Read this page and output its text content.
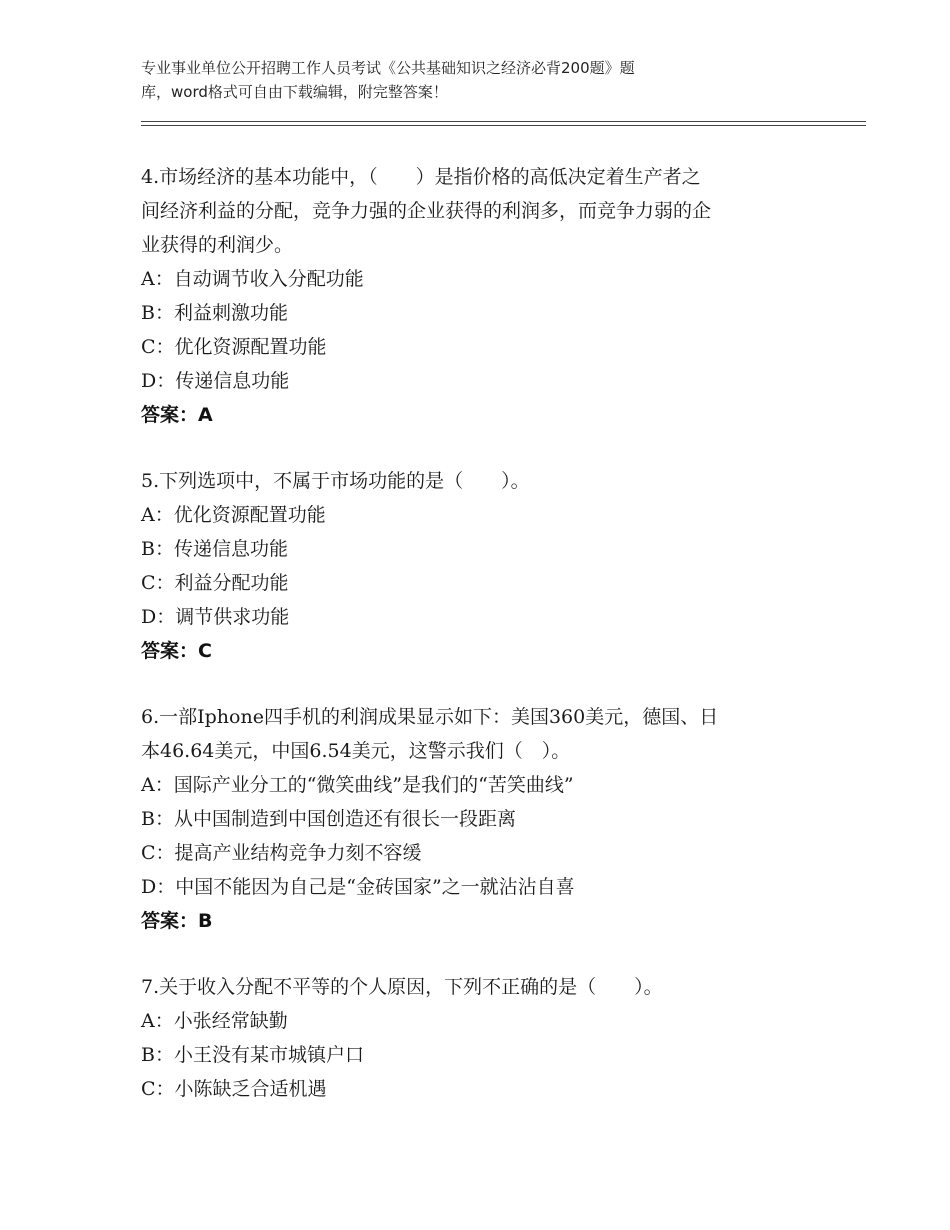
专业事业单位公开招聘工作人员考试《公共基础知识之经济必背200题》题
库，word格式可自由下载编辑，附完整答案！
4.市场经济的基本功能中，（　　）是指价格的高低决定着生产者之
间经济利益的分配，竞争力强的企业获得的利润多，而竞争力弱的企
业获得的利润少。
A：自动调节收入分配功能
B：利益刺激功能
C：优化资源配置功能
D：传递信息功能
答案：A
5.下列选项中，不属于市场功能的是（　　）。
A：优化资源配置功能
B：传递信息功能
C：利益分配功能
D：调节供求功能
答案：C
6.一部Iphone四手机的利润成果显示如下：美国360美元，德国、日
本46.64美元，中国6.54美元，这警示我们（　）。
A：国际产业分工的“微笑曲线”是我们的“苦笑曲线”
B：从中国制造到中国创造还有很长一段距离
C：提高产业结构竞争力刻不容缓
D：中国不能因为自己是“金砖国家”之一就沾沾自喜
答案：B
7.关于收入分配不平等的个人原因，下列不正确的是（　　）。
A：小张经常缺勤
B：小王没有某市城镇户口
C：小陈缺乏合适机遇
